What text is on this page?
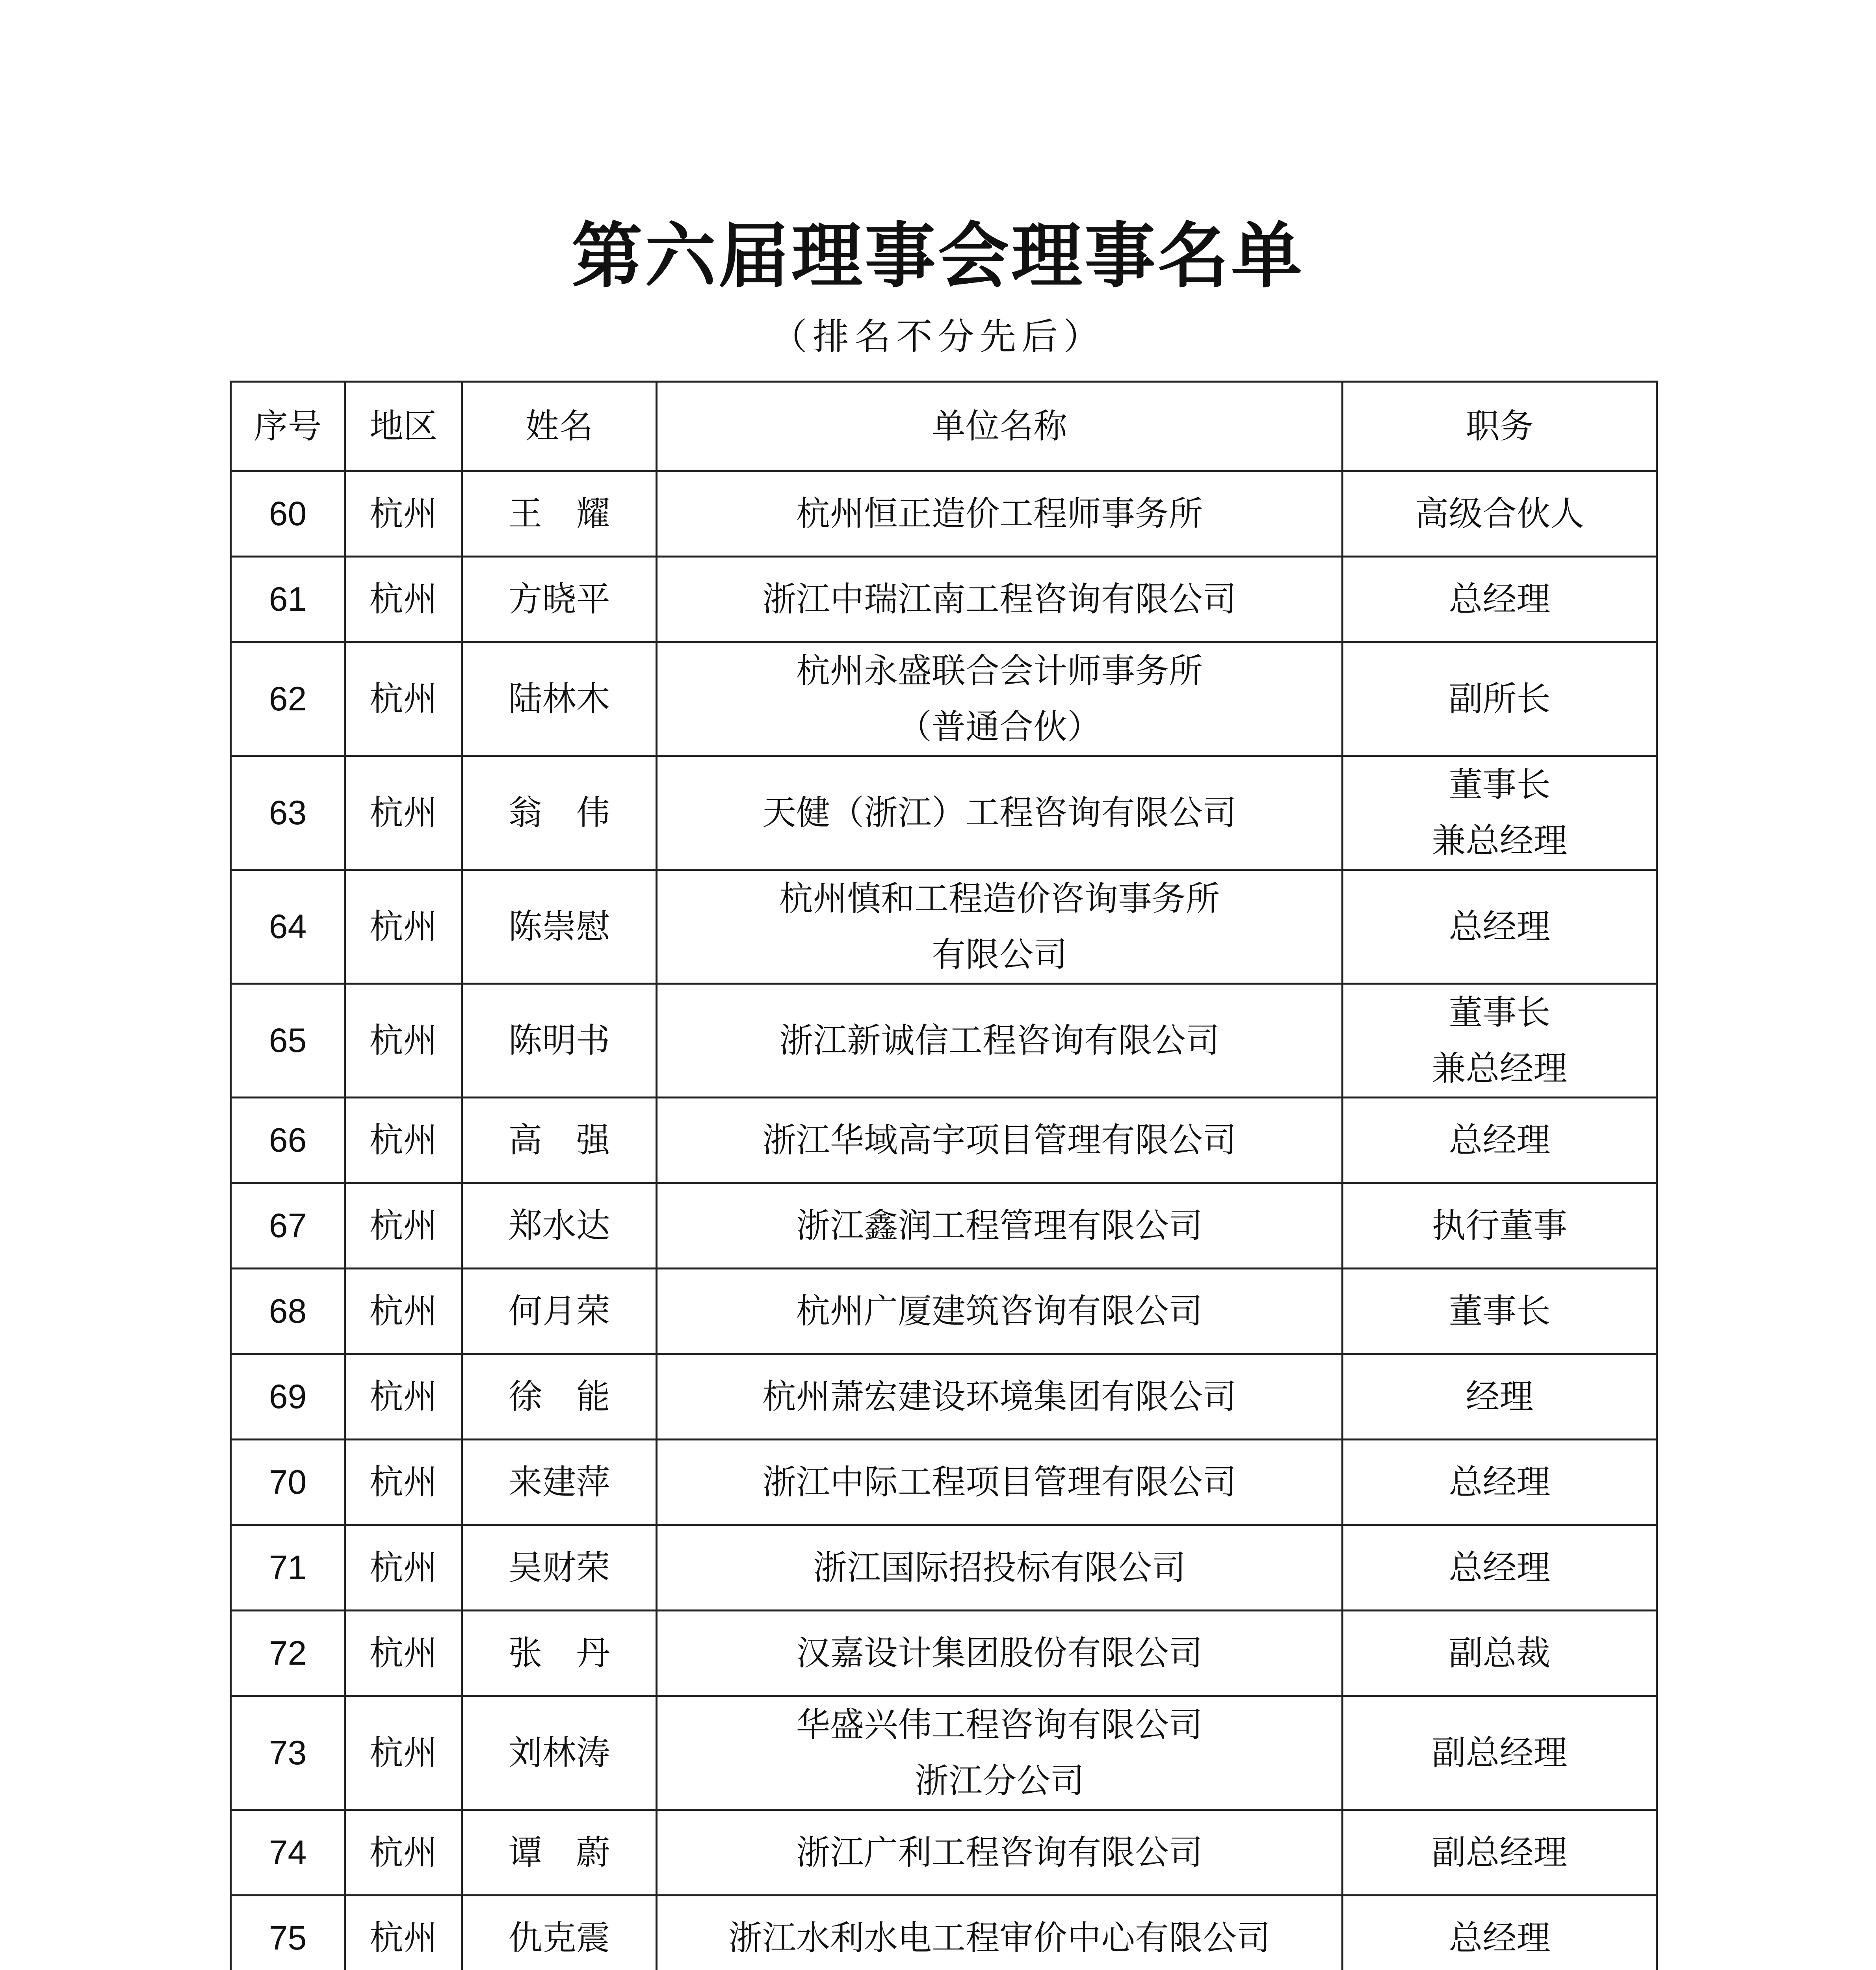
第六届理事会理事名单
（排名不分先后）
序号	地区	姓名	单位名称	职务
60	杭州	王　耀	杭州恒正造价工程师事务所	高级合伙人

61	杭州	方晓平	浙江中瑞江南工程咨询有限公司	总经理

62	杭州	陆林木	杭州永盛联合会计师事务所
（普通合伙）	副所长

63	杭州	翁　伟	天健（浙江）工程咨询有限公司	董事长
兼总经理

64	杭州	陈崇慰	杭州慎和工程造价咨询事务所
有限公司	总经理

65	杭州	陈明书	浙江新诚信工程咨询有限公司	董事长
兼总经理

66	杭州	高　强	浙江华域高宇项目管理有限公司	总经理

67	杭州	郑水达	浙江鑫润工程管理有限公司	执行董事

68	杭州	何月荣	杭州广厦建筑咨询有限公司	董事长

69	杭州	徐　能	杭州萧宏建设环境集团有限公司	经理

70	杭州	来建萍	浙江中际工程项目管理有限公司	总经理

71	杭州	吴财荣	浙江国际招投标有限公司	总经理

72	杭州	张　丹	汉嘉设计集团股份有限公司	副总裁

73	杭州	刘林涛	华盛兴伟工程咨询有限公司
浙江分公司	副总经理

74	杭州	谭　蔚	浙江广利工程咨询有限公司	副总经理

75	杭州	仇克震	浙江水利水电工程审价中心有限公司	总经理
